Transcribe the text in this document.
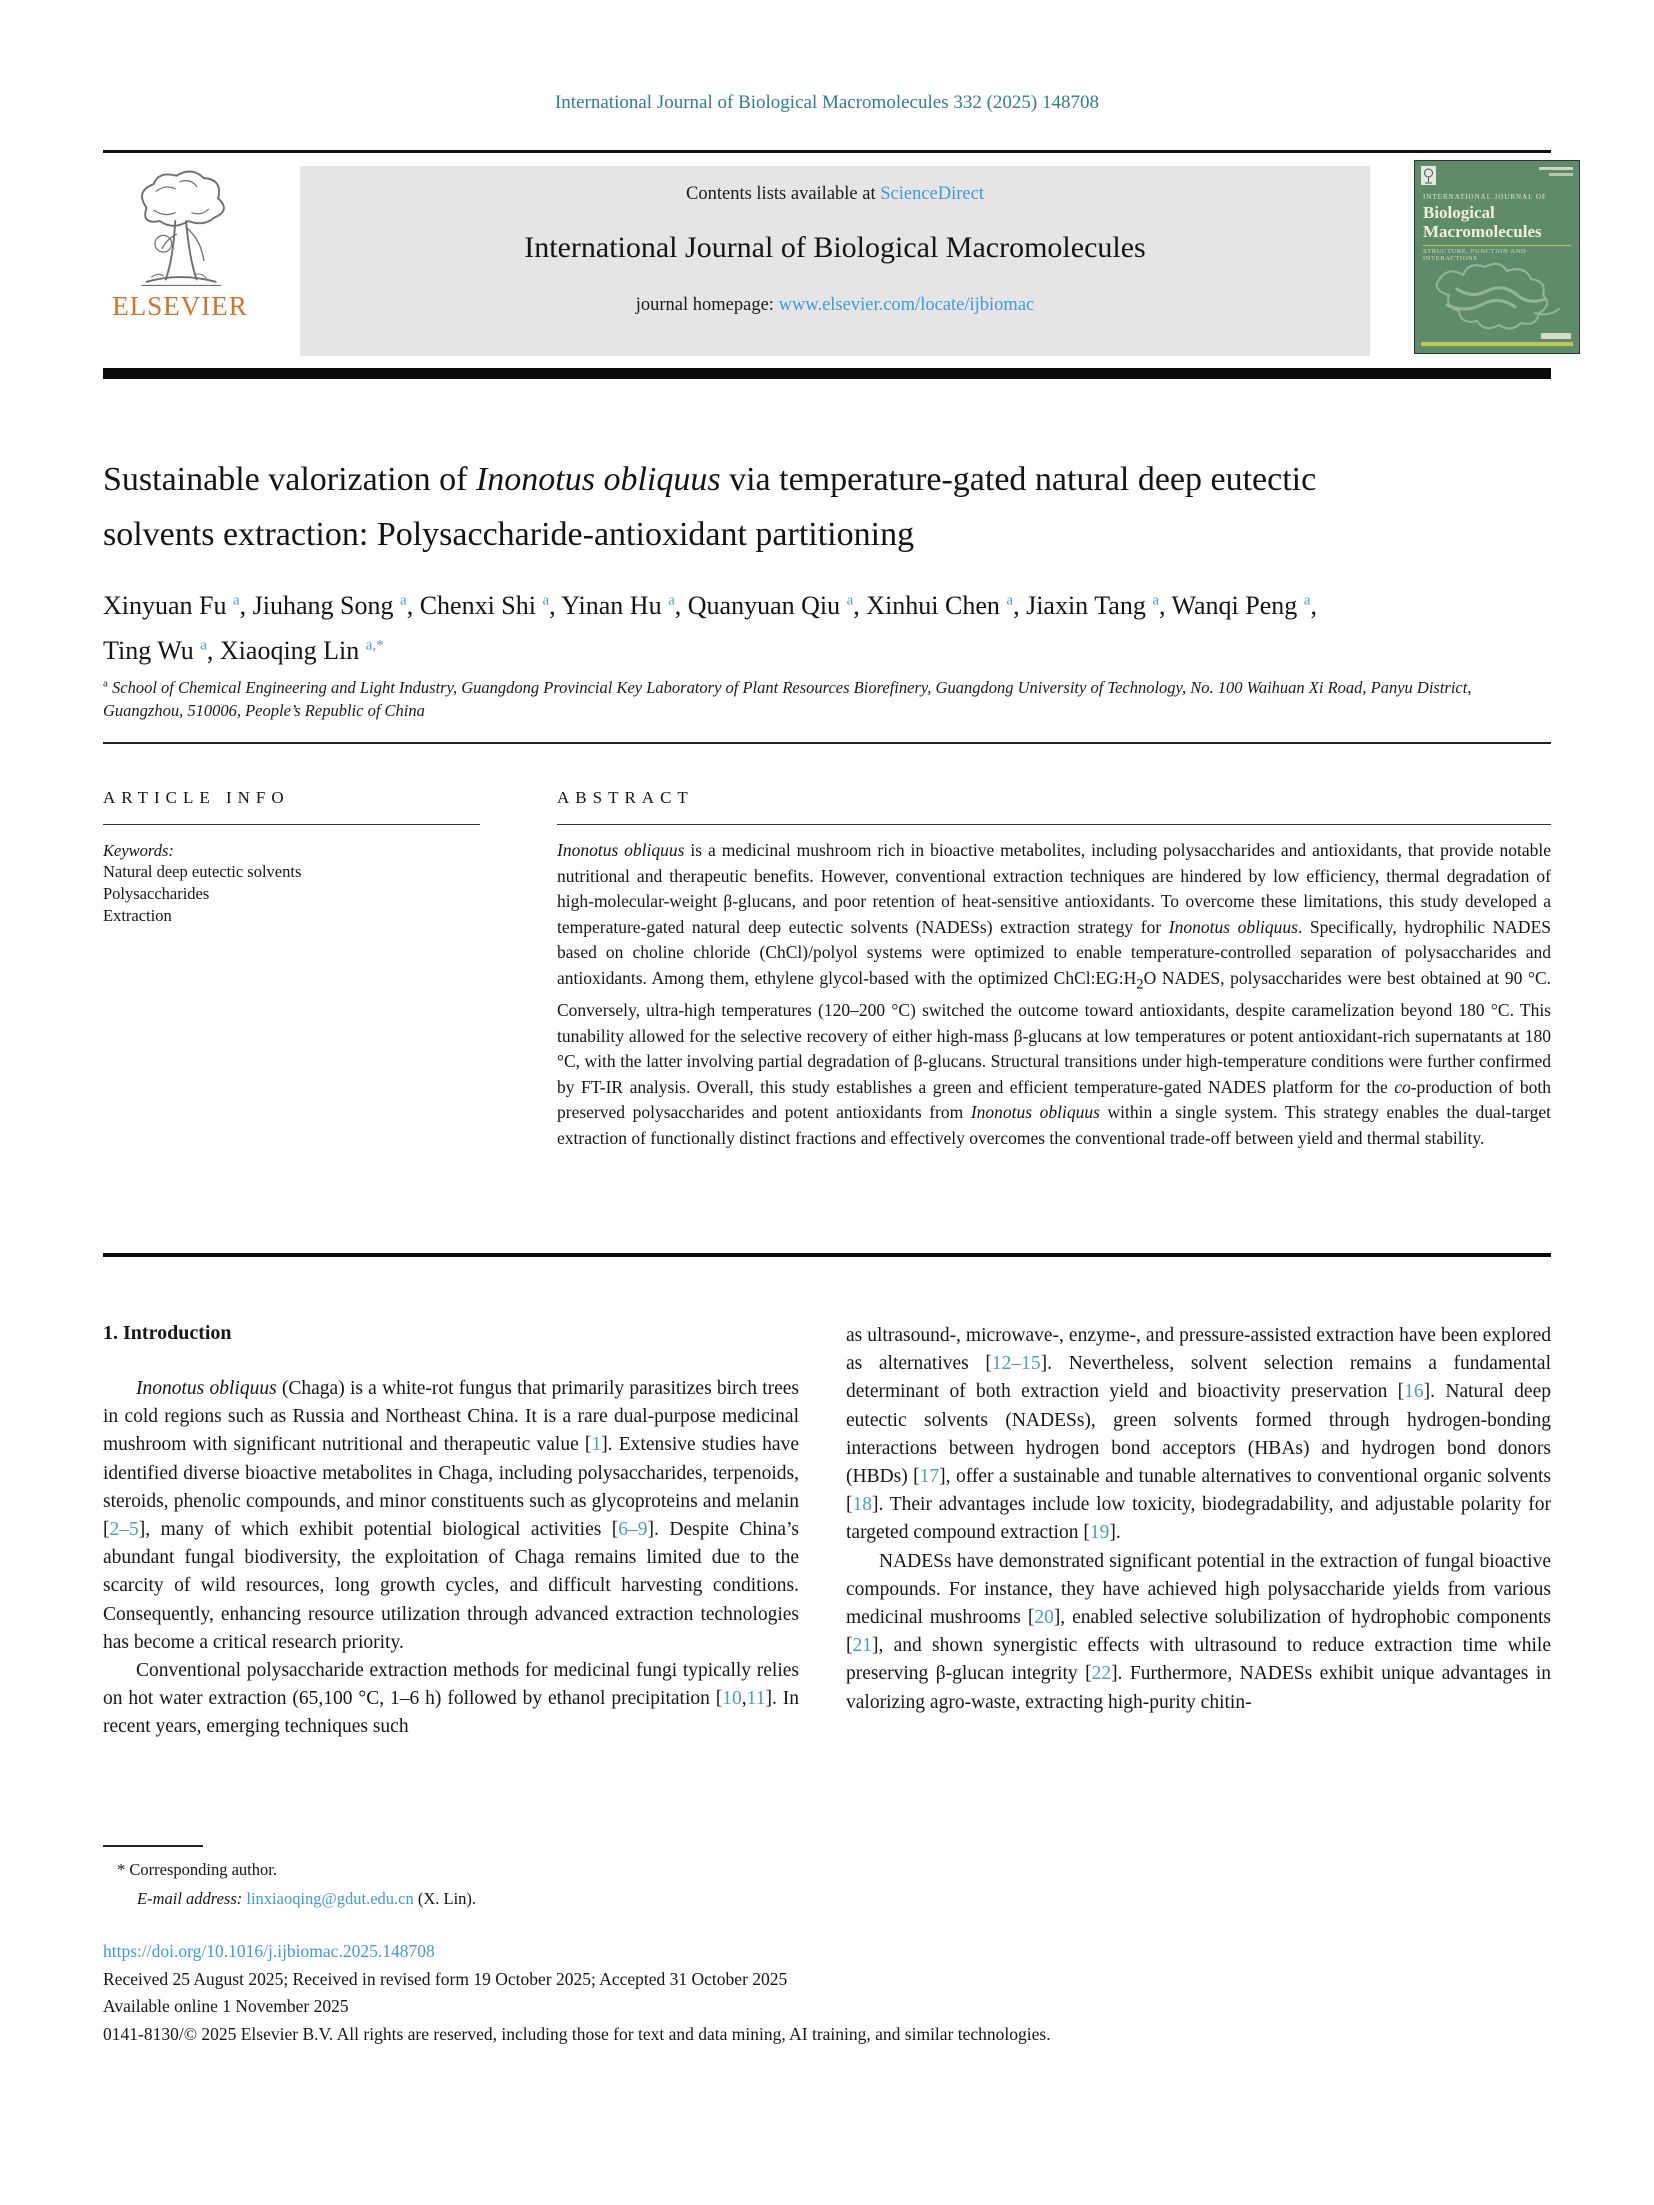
International Journal of Biological Macromolecules 332 (2025) 148708
ELSEVIER
Contents lists available at ScienceDirect
International Journal of Biological Macromolecules
journal homepage: www.elsevier.com/locate/ijbiomac
INTERNATIONAL JOURNAL OF
Biological
Macromolecules
STRUCTURE, FUNCTION AND INTERACTIONS
Sustainable valorization of Inonotus obliquus via temperature-gated natural deep eutectic solvents extraction: Polysaccharide-antioxidant partitioning
Xinyuan Fu $^a$, Jiuhang Song $^a$, Chenxi Shi $^a$, Yinan Hu $^a$, Quanyuan Qiu $^a$, Xinhui Chen $^a$, Jiaxin Tang $^a$, Wanqi Peng $^a$, Ting Wu $^a$, Xiaoqing Lin $^{a,*}$
$^a$ School of Chemical Engineering and Light Industry, Guangdong Provincial Key Laboratory of Plant Resources Biorefinery, Guangdong University of Technology, No. 100 Waihuan Xi Road, Panyu District, Guangzhou, 510006, People’s Republic of China
ARTICLE INFO
Keywords:
Natural deep eutectic solvents
Polysaccharides
Extraction
ABSTRACT
Inonotus obliquus is a medicinal mushroom rich in bioactive metabolites, including polysaccharides and antioxidants, that provide notable nutritional and therapeutic benefits. However, conventional extraction techniques are hindered by low efficiency, thermal degradation of high-molecular-weight β-glucans, and poor retention of heat-sensitive antioxidants. To overcome these limitations, this study developed a temperature-gated natural deep eutectic solvents (NADESs) extraction strategy for Inonotus obliquus. Specifically, hydrophilic NADES based on choline chloride (ChCl)/polyol systems were optimized to enable temperature-controlled separation of polysaccharides and antioxidants. Among them, ethylene glycol-based with the optimized $ChCl:EG:H_2O$ NADES, polysaccharides were best obtained at 90 °C. Conversely, ultra-high temperatures (120–200 °C) switched the outcome toward antioxidants, despite caramelization beyond 180 °C. This tunability allowed for the selective recovery of either high-mass β-glucans at low temperatures or potent antioxidant-rich supernatants at 180 °C, with the latter involving partial degradation of β-glucans. Structural transitions under high-temperature conditions were further confirmed by FT-IR analysis. Overall, this study establishes a green and efficient temperature-gated NADES platform for the co-production of both preserved polysaccharides and potent antioxidants from Inonotus obliquus within a single system. This strategy enables the dual-target extraction of functionally distinct fractions and effectively overcomes the conventional trade-off between yield and thermal stability.
1. Introduction

Inonotus obliquus (Chaga) is a white-rot fungus that primarily parasitizes birch trees in cold regions such as Russia and Northeast China. It is a rare dual-purpose medicinal mushroom with significant nutritional and therapeutic value [1]. Extensive studies have identified diverse bioactive metabolites in Chaga, including polysaccharides, terpenoids, steroids, phenolic compounds, and minor constituents such as glycoproteins and melanin [2–5], many of which exhibit potential biological activities [6–9]. Despite China’s abundant fungal biodiversity, the exploitation of Chaga remains limited due to the scarcity of wild resources, long growth cycles, and difficult harvesting conditions. Consequently, enhancing resource utilization through advanced extraction technologies has become a critical research priority.

Conventional polysaccharide extraction methods for medicinal fungi typically relies on hot water extraction (65,100 °C, 1–6 h) followed by ethanol precipitation [10,11]. In recent years, emerging techniques such

as ultrasound-, microwave-, enzyme-, and pressure-assisted extraction have been explored as alternatives [12–15]. Nevertheless, solvent selection remains a fundamental determinant of both extraction yield and bioactivity preservation [16]. Natural deep eutectic solvents (NADESs), green solvents formed through hydrogen-bonding interactions between hydrogen bond acceptors (HBAs) and hydrogen bond donors (HBDs) [17], offer a sustainable and tunable alternatives to conventional organic solvents [18]. Their advantages include low toxicity, biodegradability, and adjustable polarity for targeted compound extraction [19].

NADESs have demonstrated significant potential in the extraction of fungal bioactive compounds. For instance, they have achieved high polysaccharide yields from various medicinal mushrooms [20], enabled selective solubilization of hydrophobic components [21], and shown synergistic effects with ultrasound to reduce extraction time while preserving β-glucan integrity [22]. Furthermore, NADESs exhibit unique advantages in valorizing agro-waste, extracting high-purity chitin-

* Corresponding author.
E-mail address: linxiaoqing@gdut.edu.cn (X. Lin).
https://doi.org/10.1016/j.ijbiomac.2025.148708
Received 25 August 2025; Received in revised form 19 October 2025; Accepted 31 October 2025
Available online 1 November 2025
0141-8130/© 2025 Elsevier B.V. All rights are reserved, including those for text and data mining, AI training, and similar technologies.
